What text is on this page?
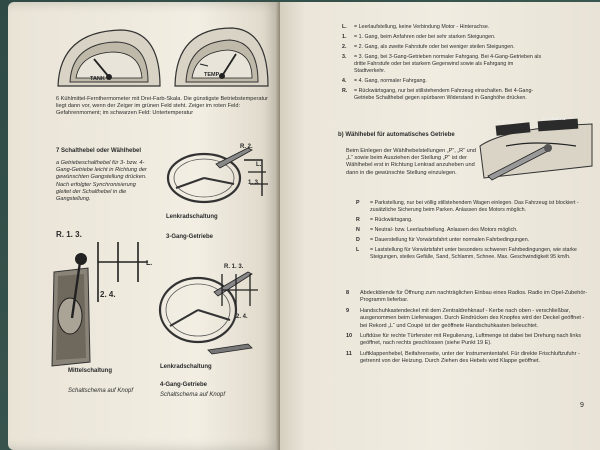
TANK
TEMP
6 Kühlmittel-Fernthermometer mit Drei-Farb-Skala. Die günstigste Betriebstemperatur liegt dann vor, wenn der Zeiger im grünen Feld steht. Zeiger im roten Feld: Gefahrenmoment; im schwarzen Feld: Untertemperatur
7 Schalthebel oder Wählhebel
a Getriebeschalthebel für 3- bzw. 4-Gang-Getriebe leicht in Richtung der gewünschten Gangstellung drücken. Nach erfolgter Synchronisierung gleitet der Schalthebel in die Gangstellung.
R. 2.
L.
1. 3.
Lenkradschaltung
3-Gang-Getriebe
R. 1. 3.
L.
2. 4.
Mittelschaltung
Schaltschema auf Knopf
R. 1. 3.
2. 4.
Lenkradschaltung
4-Gang-Getriebe
Schaltschema auf Knopf
L.	= Leerlaufstellung, keine Verbindung Motor - Hinterachse.
1.	= 1. Gang, beim Anfahren oder bei sehr starken Steigungen.
2.	= 2. Gang, als zweite Fahrstufe oder bei weniger steilen Steigungen.
3.	= 3. Gang, bei 3-Gang-Getrieben normaler Fahrgang. Bei 4-Gang-Getrieben als dritte Fahrstufe oder bei starkem Gegenwind sowie als Fahrgang im Stadtverkehr.
4.	= 4. Gang, normaler Fahrgang.
R.	= Rückwärtsgang, nur bei stillstehendem Fahrzeug einschalten. Bei 4-Gang-Getriebe Schalthebel gegen spürbaren Widerstand in Ganghöhe drücken.
b) Wählhebel für automatisches Getriebe
Beim Einlegen der Wählhebelstellungen „P“, „R“ und „L“ sowie beim Ausziehen der Stellung „P“ ist der Wählhebel erst in Richtung Lenkrad anzuheben und dann in die gewünschte Stellung einzulegen.
P·R·N·D·L
AUTOMATIC
P	= Parkstellung, nur bei völlig stillstehendem Wagen einlegen. Das Fahrzeug ist blockiert - zusätzliche Sicherung beim Parken. Anlassen des Motors möglich.
R	= Rückwärtsgang.
N	= Neutral- bzw. Leerlaufstellung. Anlassen des Motors möglich.
D	= Dauerstellung für Vorwärtsfahrt unter normalen Fahrbedingungen.
L	= Laststellung für Vorwärtsfahrt unter besonders schweren Fahrbedingungen, wie starke Steigungen, steiles Gefälle, Sand, Schlamm, Schnee. Max. Geschwindigkeit 95 km/h.
8	Abdeckblende für Öffnung zum nachträglichen Einbau eines Radios. Radio im Opel-Zubehör-Programm lieferbar.
9	Handschuhkastendeckel mit dem Zentraldrehknauf - Kerbe nach oben - verschließbar, ausgenommen beim Lieferwagen. Durch Eindrücken des Knopfes wird der Deckel geöffnet - bei Rekord „L“ und Coupé ist der geöffnete Handschuhkasten beleuchtet.
10	Luftdüse für rechte Türfenster mit Regulierung, Luftmenge ist dabei bei Drehung nach links geöffnet, nach rechts geschlossen (siehe Punkt 19 E).
11	Luftklappenhebel, Beifahrerseite, unter der Instrumententafel. Für direkte Frischluftzufuhr - getrennt von der Heizung. Durch Ziehen des Hebels wird Klappe geöffnet.
9
